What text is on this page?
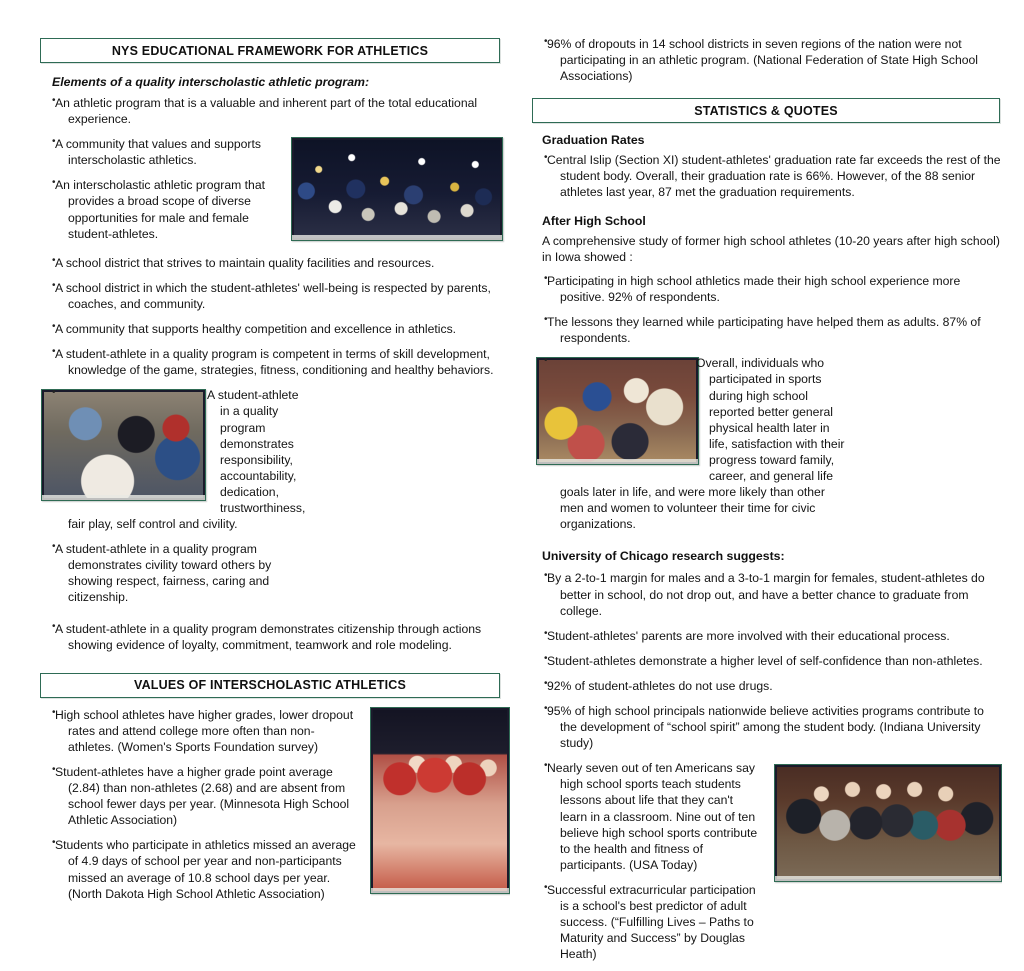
NYS EDUCATIONAL FRAMEWORK FOR ATHLETICS
Elements of a quality interscholastic athletic program:
• An athletic program that is a valuable and inherent part of the total educational experience.
• A community that values and supports interscholastic athletics.
• An interscholastic athletic program that provides a broad scope of diverse opportunities for male and female student-athletes.
• A school district that strives to maintain quality facilities and resources.
• A school district in which the student-athletes' well-being is respected by parents, coaches, and community.
• A community that supports healthy competition and excellence in athletics.
• A student-athlete in a quality program is competent in terms of skill development, knowledge of the game, strategies, fitness, conditioning and healthy behaviors.
• A student-athlete in a quality program demonstrates responsibility, accountability, dedication, trustworthiness, fair play, self control and civility.
• A student-athlete in a quality program demonstrates civility toward others by showing respect, fairness, caring and citizenship.
• A student-athlete in a quality program demonstrates citizenship through actions showing evidence of loyalty, commitment, teamwork and role modeling.
VALUES OF INTERSCHOLASTIC ATHLETICS
• High school athletes have higher grades, lower dropout rates and attend college more often than non-athletes. (Women's Sports Foundation survey)
• Student-athletes have a higher grade point average (2.84) than non-athletes (2.68) and are absent from school fewer days per year. (Minnesota High School Athletic Association)
• Students who participate in athletics missed an average of 4.9 days of school per year and non-participants missed an average of 10.8 school days per year. (North Dakota High School Athletic Association)
• 96% of dropouts in 14 school districts in seven regions of the nation were not participating in an athletic program. (National Federation of State High School Associations)
STATISTICS & QUOTES
Graduation Rates
• Central Islip (Section XI) student-athletes' graduation rate far exceeds the rest of the student body. Overall, their graduation rate is 66%. However, of the 88 senior athletes last year, 87 met the graduation requirements.
After High School
A comprehensive study of former high school athletes (10-20 years after high school) in Iowa showed :
• Participating in high school athletics made their high school experience more positive. 92% of respondents.
• The lessons they learned while participating have helped them as adults. 87% of respondents.
• Overall, individuals who participated in sports during high school reported better general physical health later in life, satisfaction with their progress toward family, career, and general life goals later in life, and were more likely than other men and women to volunteer their time for civic organizations.
University of Chicago research suggests:
• By a 2-to-1 margin for males and a 3-to-1 margin for females, student-athletes do better in school, do not drop out, and have a better chance to graduate from college.
• Student-athletes' parents are more involved with their educational process.
• Student-athletes demonstrate a higher level of self-confidence than non-athletes.
• 92% of student-athletes do not use drugs.
• 95% of high school principals nationwide believe activities programs contribute to the development of “school spirit” among the student body. (Indiana University study)
• Nearly seven out of ten Americans say high school sports teach students lessons about life that they can't learn in a classroom. Nine out of ten believe high school sports contribute to the health and fitness of participants. (USA Today)
• Successful extracurricular participation is a school's best predictor of adult success. (“Fulfilling Lives – Paths to Maturity and Success” by Douglas Heath)
